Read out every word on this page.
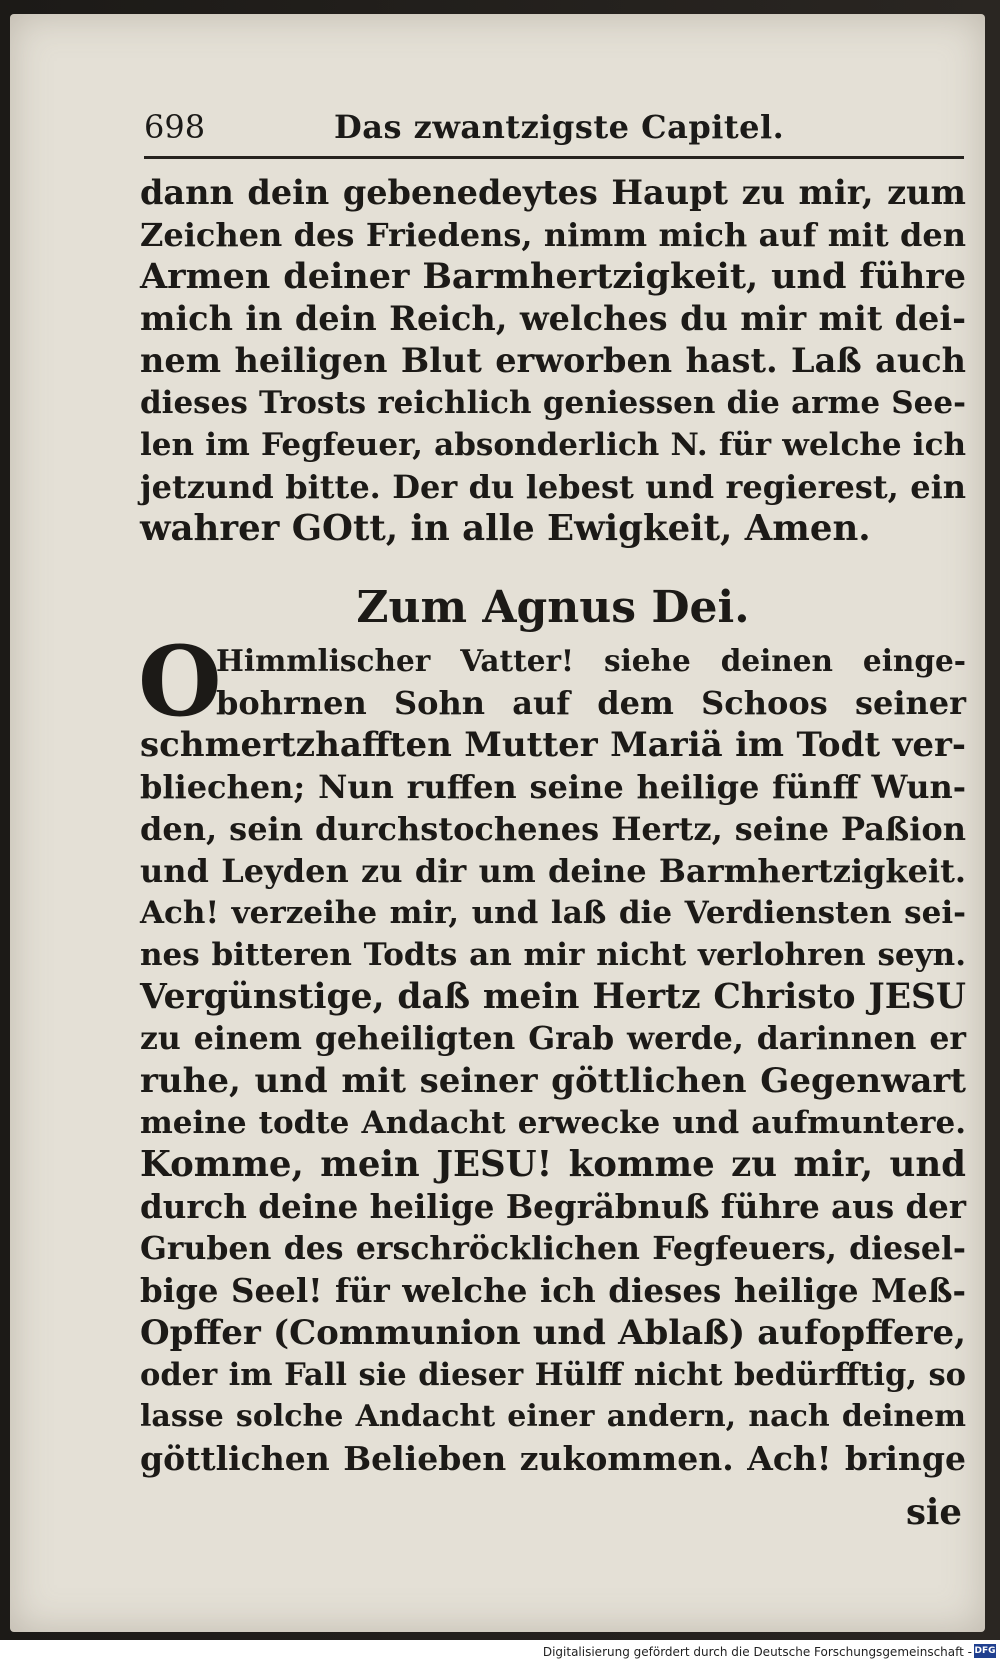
698	Das zwantzigste Capitel.
dann dein gebenedeytes Haupt zu mir, zum
Zeichen des Friedens, nimm mich auf mit den
Armen deiner Barmhertzigkeit, und führe
mich in dein Reich, welches du mir mit dei-
nem heiligen Blut erworben hast. Laß auch
dieses Trosts reichlich geniessen die arme See-
len im Fegfeuer, absonderlich N. für welche ich
jetzund bitte. Der du lebest und regierest, ein
wahrer GOtt, in alle Ewigkeit, Amen.
Zum Agnus Dei.
O
Himmlischer Vatter! siehe deinen einge-
bohrnen Sohn auf dem Schoos seiner
schmertzhafften Mutter Mariä im Todt ver-
bliechen; Nun ruffen seine heilige fünff Wun-
den, sein durchstochenes Hertz, seine Paßion
und Leyden zu dir um deine Barmhertzigkeit.
Ach! verzeihe mir, und laß die Verdiensten sei-
nes bitteren Todts an mir nicht verlohren seyn.
Vergünstige, daß mein Hertz Christo JESU
zu einem geheiligten Grab werde, darinnen er
ruhe, und mit seiner göttlichen Gegenwart
meine todte Andacht erwecke und aufmuntere.
Komme, mein JESU! komme zu mir, und
durch deine heilige Begräbnuß führe aus der
Gruben des erschröcklichen Fegfeuers, diesel-
bige Seel! für welche ich dieses heilige Meß-
Opffer (Communion und Ablaß) aufopffere,
oder im Fall sie dieser Hülff nicht bedürfftig, so
lasse solche Andacht einer andern, nach deinem
göttlichen Belieben zukommen. Ach! bringe
sie
Digitalisierung gefördert durch die Deutsche Forschungsgemeinschaft - DFG
